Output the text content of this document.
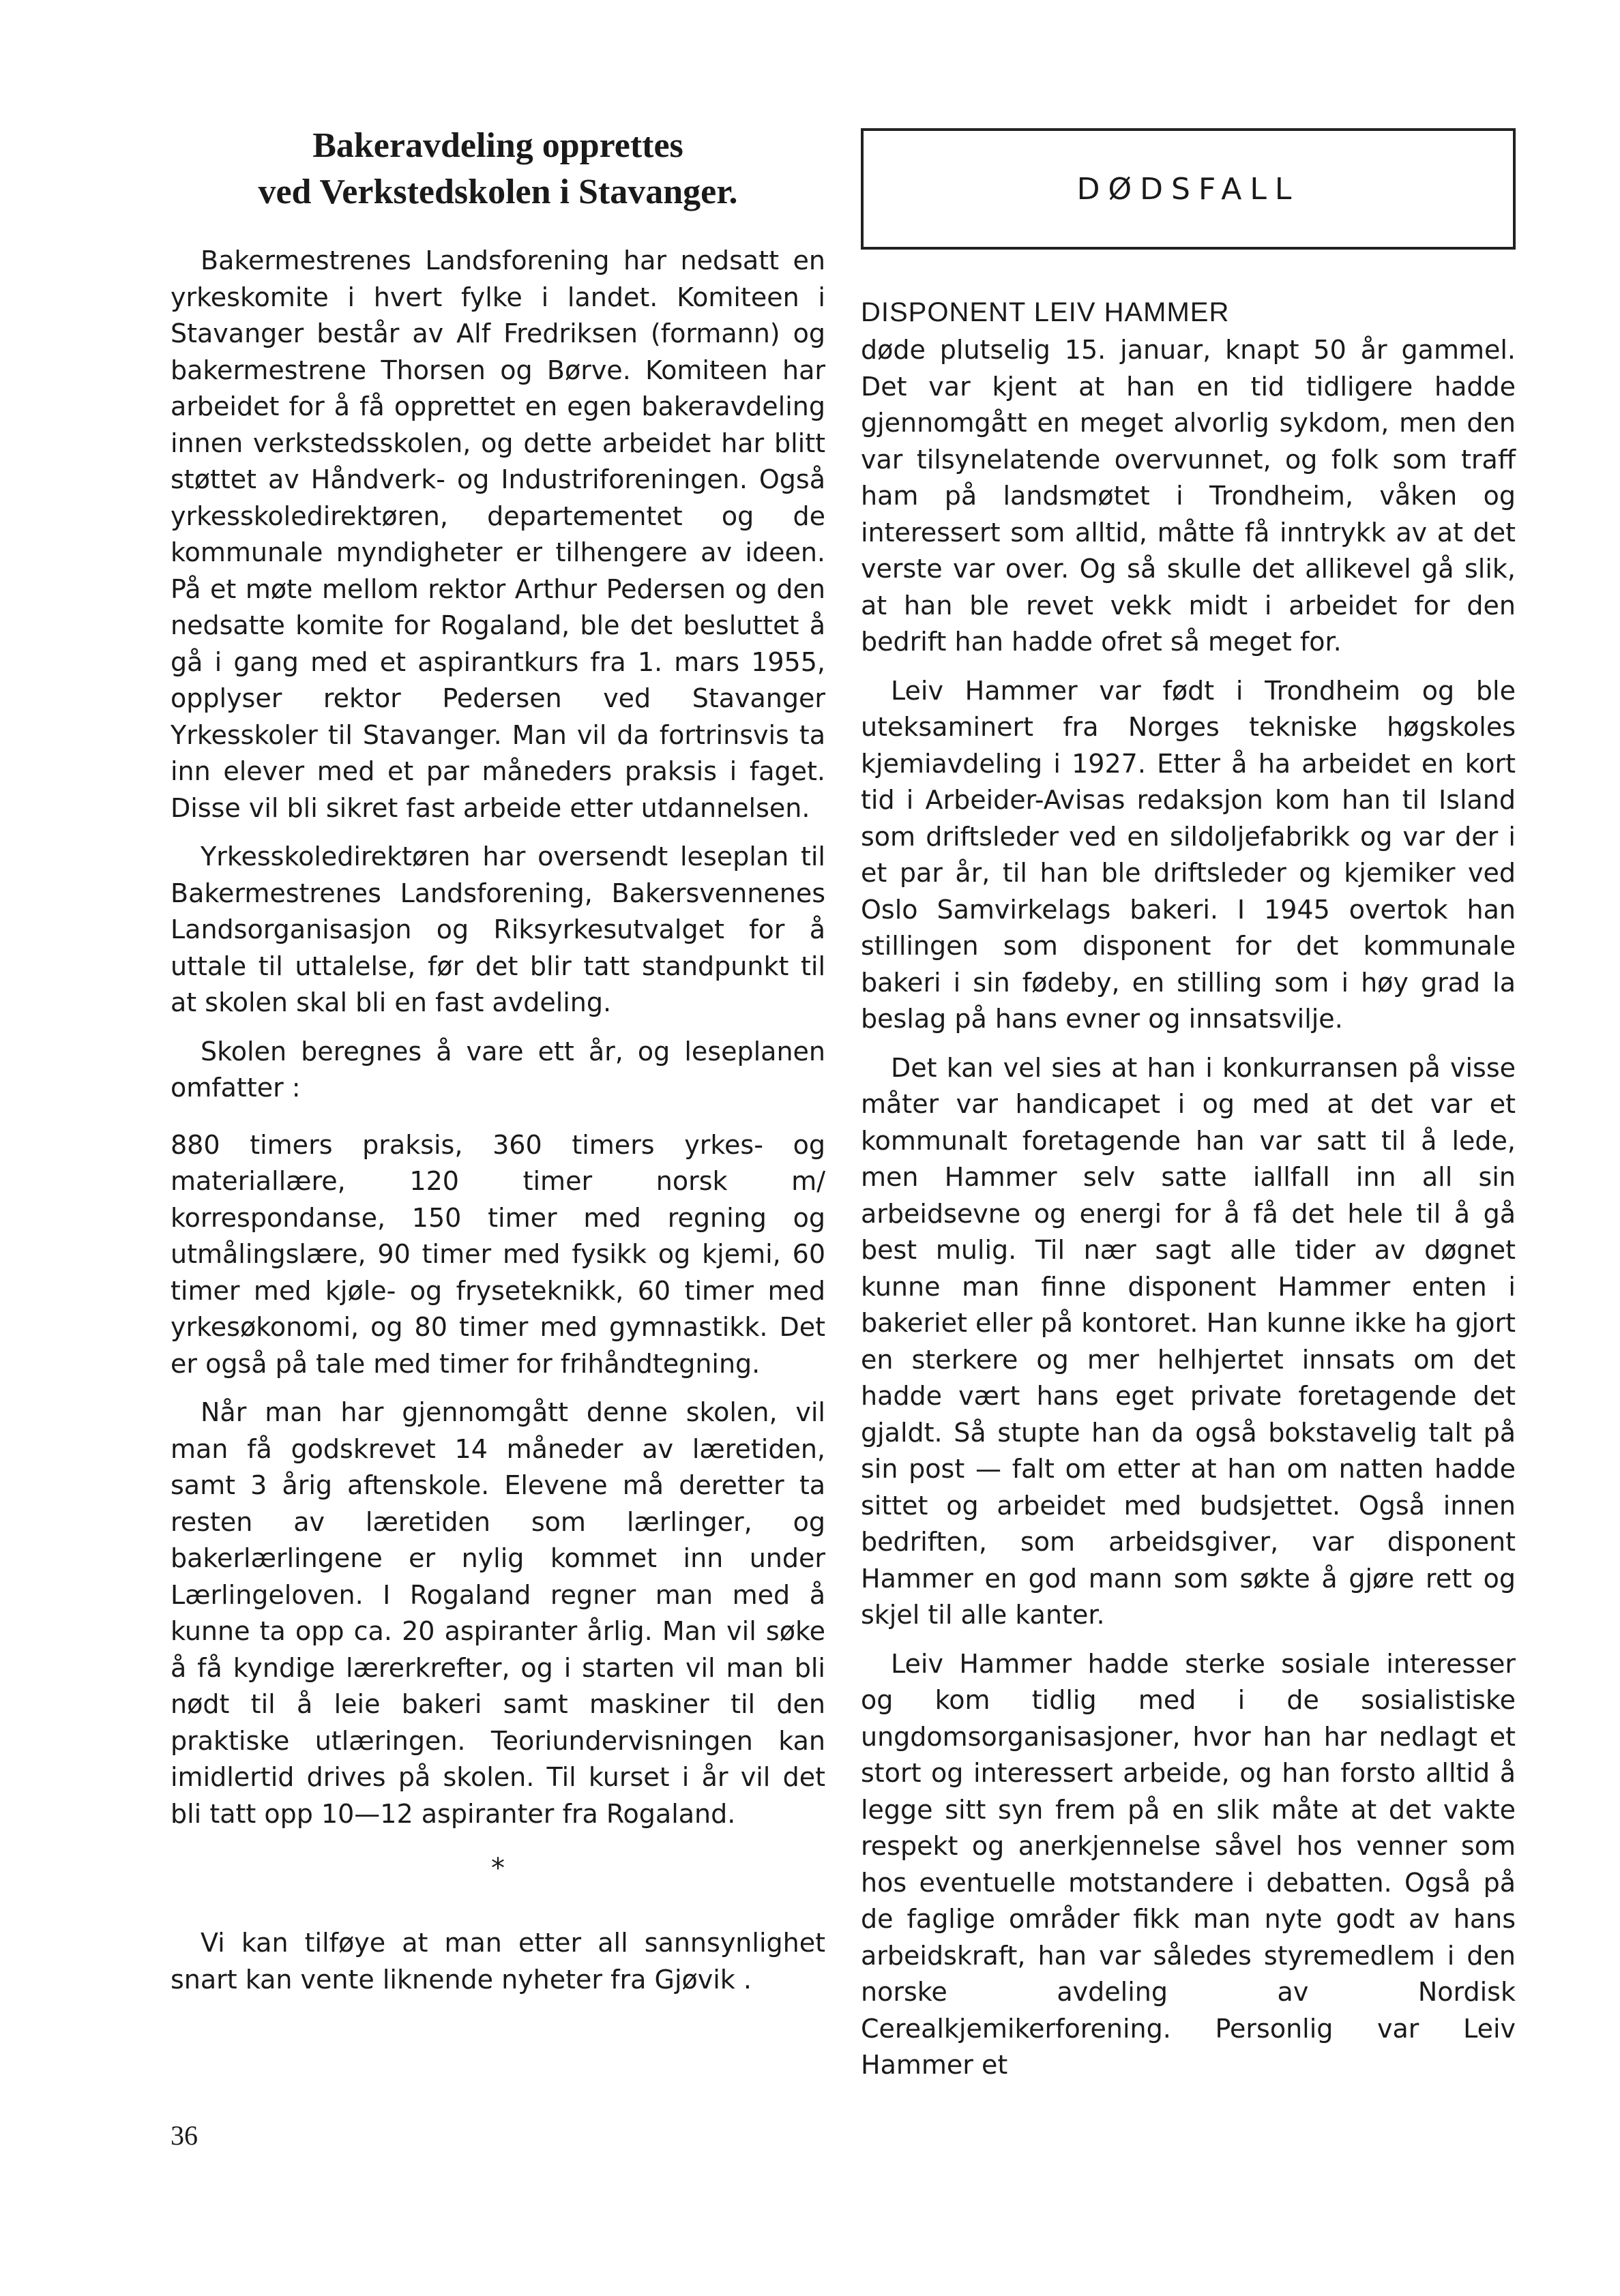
Bakeravdeling opprettes
ved Verkstedskolen i Stavanger.

Bakermestrenes Landsforening har nedsatt en yrkeskomite i hvert fylke i landet. Komiteen i Stavanger består av Alf Fredriksen (formann) og bakermestrene Thorsen og Børve. Komiteen har arbeidet for å få opprettet en egen bakeravdeling innen verkstedsskolen, og dette arbeidet har blitt støttet av Håndverk- og Industriforeningen. Også yrkesskoledirektøren, departementet og de kommunale myndigheter er tilhengere av ideen. På et møte mellom rektor Arthur Pedersen og den nedsatte komite for Rogaland, ble det besluttet å gå i gang med et aspirantkurs fra 1. mars 1955, opplyser rektor Pedersen ved Stavanger Yrkesskoler til Stavanger. Man vil da fortrinsvis ta inn elever med et par måneders praksis i faget. Disse vil bli sikret fast arbeide etter utdannelsen.

Yrkesskoledirektøren har oversendt leseplan til Bakermestrenes Landsforening, Bakersvennenes Landsorganisasjon og Riksyrkesutvalget for å uttale til uttalelse, før det blir tatt standpunkt til at skolen skal bli en fast avdeling.

Skolen beregnes å vare ett år, og leseplanen omfatter :

880 timers praksis, 360 timers yrkes- og materiallære, 120 timer norsk m/ korrespondanse, 150 timer med regning og utmålingslære, 90 timer med fysikk og kjemi, 60 timer med kjøle- og fryseteknikk, 60 timer med yrkesøkonomi, og 80 timer med gymnastikk. Det er også på tale med timer for frihåndtegning.

Når man har gjennomgått denne skolen, vil man få godskrevet 14 måneder av læretiden, samt 3 årig aftenskole. Elevene må deretter ta resten av læretiden som lærlinger, og bakerlærlingene er nylig kommet inn under Lærlingeloven. I Rogaland regner man med å kunne ta opp ca. 20 aspiranter årlig. Man vil søke å få kyndige lærerkrefter, og i starten vil man bli nødt til å leie bakeri samt maskiner til den praktiske utlæringen. Teoriundervisningen kan imidlertid drives på skolen. Til kurset i år vil det bli tatt opp 10—12 aspiranter fra Rogaland.

*

Vi kan tilføye at man etter all sannsynlighet snart kan vente liknende nyheter fra Gjøvik .

DØDSFALL
DISPONENT LEIV HAMMER

døde plutselig 15. januar, knapt 50 år gammel. Det var kjent at han en tid tidligere hadde gjennomgått en meget alvorlig sykdom, men den var tilsynelatende overvunnet, og folk som traff ham på landsmøtet i Trondheim, våken og interessert som alltid, måtte få inntrykk av at det verste var over. Og så skulle det allikevel gå slik, at han ble revet vekk midt i arbeidet for den bedrift han hadde ofret så meget for.

Leiv Hammer var født i Trondheim og ble uteksaminert fra Norges tekniske høgskoles kjemiavdeling i 1927. Etter å ha arbeidet en kort tid i Arbeider-Avisas redaksjon kom han til Island som driftsleder ved en sildoljefabrikk og var der i et par år, til han ble driftsleder og kjemiker ved Oslo Samvirkelags bakeri. I 1945 overtok han stillingen som disponent for det kommunale bakeri i sin fødeby, en stilling som i høy grad la beslag på hans evner og innsatsvilje.

Det kan vel sies at han i konkurransen på visse måter var handicapet i og med at det var et kommunalt foretagende han var satt til å lede, men Hammer selv satte iallfall inn all sin arbeidsevne og energi for å få det hele til å gå best mulig. Til nær sagt alle tider av døgnet kunne man finne disponent Hammer enten i bakeriet eller på kontoret. Han kunne ikke ha gjort en sterkere og mer helhjertet innsats om det hadde vært hans eget private foretagende det gjaldt. Så stupte han da også bokstavelig talt på sin post — falt om etter at han om natten hadde sittet og arbeidet med budsjettet. Også innen bedriften, som arbeidsgiver, var disponent Hammer en god mann som søkte å gjøre rett og skjel til alle kanter.

Leiv Hammer hadde sterke sosiale interesser og kom tidlig med i de sosialistiske ungdomsorganisasjoner, hvor han har nedlagt et stort og interessert arbeide, og han forsto alltid å legge sitt syn frem på en slik måte at det vakte respekt og anerkjennelse såvel hos venner som hos eventuelle motstandere i debatten. Også på de faglige områder fikk man nyte godt av hans arbeidskraft, han var således styremedlem i den norske avdeling av Nordisk Cerealkjemikerforening. Personlig var Leiv Hammer et

36
